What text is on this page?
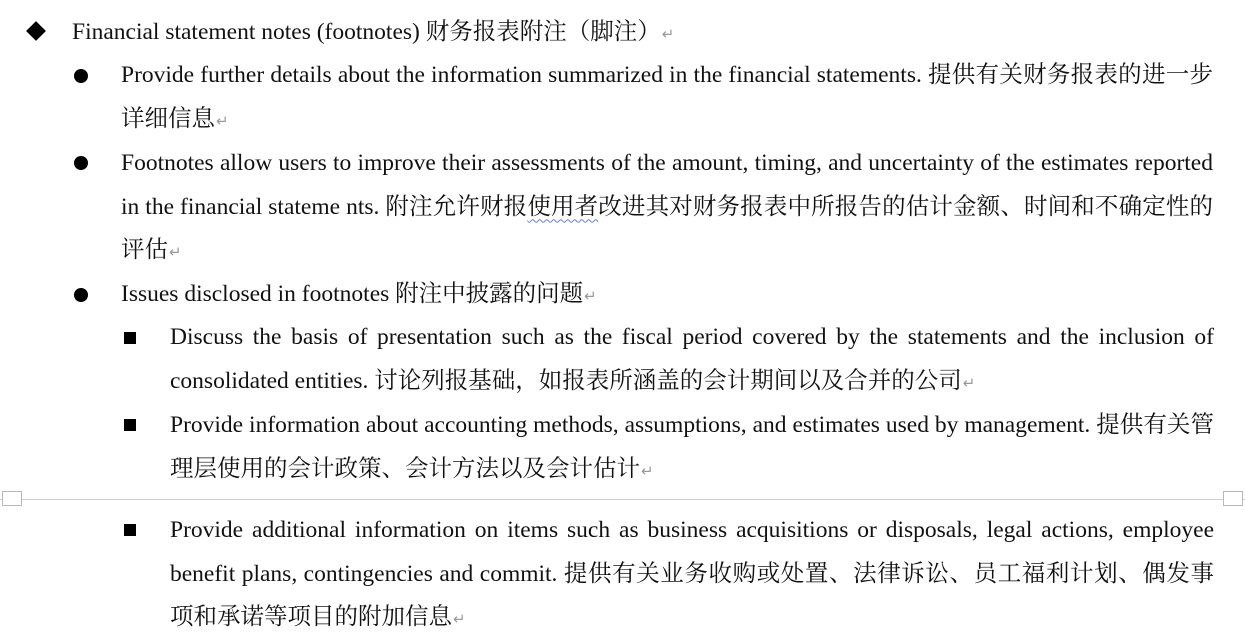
Financial statement notes (footnotes) 财务报表附注（脚注）↵
Provide further details about the information summarized in the financial statements. 提供有关财务报表的进一步详细信息↵
Footnotes allow users to improve their assessments of the amount, timing, and uncertainty of the estimates reported in the financial stateme nts. 附注允许财报使用者改进其对财务报表中所报告的估计金额、时间和不确定性的评估↵
Issues disclosed in footnotes 附注中披露的问题↵
Discuss the basis of presentation such as the fiscal period covered by the statements and the inclusion of consolidated entities. 讨论列报基础，如报表所涵盖的会计期间以及合并的公司↵
Provide information about accounting methods, assumptions, and estimates used by management. 提供有关管理层使用的会计政策、会计方法以及会计估计↵
Provide additional information on items such as business acquisitions or disposals, legal actions, employee benefit plans, contingencies and commit. 提供有关业务收购或处置、法律诉讼、员工福利计划、偶发事项和承诺等项目的附加信息↵
